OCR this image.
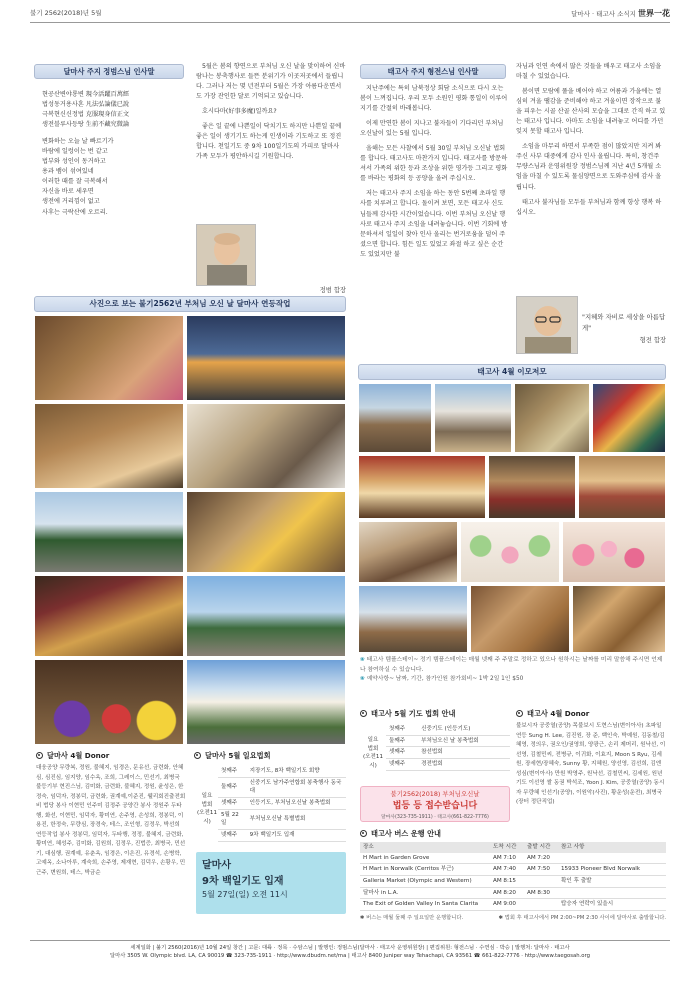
불기 2562(2018)년 5월	달마사 · 태고사 소식지 世界一花
달마사 주지 정범스님 인사말

현공산변야룡변 現今活躍百萬經

법성동거용사혼 凡法弘論儀已說

극복현신신정법 克服現身信正文

생전블루사등탕 生前不藏究微論

변화하는 오늘 날 빠르기가

바람에 일렁이는 번 같고

법부와 성인이 동거하고

용과 뱀이 섞여있네

이러한 때를 잘 극복해서

자신을 바로 세우면

생전에 거리낌이 없고

사후는 극락산에 오르리.

5월은 봄의 향연으로 부처님 오신 날을 맞이하여 신바람나는 봉축행사로 들뜬 분위기가 이곳저곳에서 들립니다. 그러나 저는 몇 년전부터 5월은 가장 아름다운면서도 가장 잔인한 달로 기억되고 있습니다.

호시다마(好事多魔)일까요?

좋은 일 끝에 나쁜일이 닥치기도 하지만 나쁜일 끝에 좋은 일이 생기기도 하는게 인생이라 기도하고 또 정진합니다. 천일기도 중 9차 100일기도의 가피로 달마사 가족 모두가 평안하시길 기원합니다.

정범 합장
사진으로 보는 불기2562년 부처님 오신 날 달마사 연등작업
달마사 4월 Donor
대웅공양 무량복, 정원, 불혜지, 임경은, 문유선, 금련화, 안혜심, 심진심, 임지양, 임수옥, 조희, 그레이스, 민선기, 최병국 불등기부 현진스님, 김미화, 금련화, 불혜지, 정원, 윤성은, 한정숙, 임덕자, 정봉덕, 금련화, 권계예,이준진, 웰리회진출전회비 법당 봉사 이현민 인주미 김정주 공양간 봉사 정원주 두타행, 화선, 이현민, 임덕자, 황미연, 손주영, 손성희, 정봉덕, 이용진, 한정숙, 무량심, 장경숙, 테스, 조인형, 김정우, 박선희 연등작업 봉사 정봉덕, 임덕자, 두타행, 정정, 불혜지, 금련화, 황미연, 혜성주, 김미화, 김원희, 김정우, 진법증, 최병국, 민선기, 대심행, 권계예, 유춘옥, 임경은, 이은진, 유경석, 손병학, 고예옥, 소나아루, 계숙희, 손주영, 제재현, 김덕우, 손황우, 민근주, 변원희, 테스, 박금순
달마사 5월 일요법회
일요
법회
(오전11시)
첫째주	지장기도, 8차 백일기도 회향
둘째주	신중기도 남가주연합회 봉축행사 동국대
셋째주	인등기도, 부처님오신날 봉축법회
5월 22일	부처님오신날 특별법회
넷째주	9차 백일기도 입재
달마사
9차 백일기도 입재
5월 27일(일) 오전 11시
태고사 주지 형전스님 인사말

지난주에는 특히 남북정상 회담 소식으로 다시 오는 봄이 느껴집니다. 우리 모두 소원인 평화 통일이 이루어지기를 간절히 바래봅니다.

이제 만연한 봄이 지나고 불자들이 기다리던 부처님 오신날이 있는 5월 입니다.

올해는 모든 사찰에서 5월 30일 부처님 오신날 법회를 합니다. 태고사도 마찬가지 입니다. 태고사를 방문하셔서 가족의 위한 등과 조상을 위한 영가등 그리고 평화를 바라는 평화의 등 공양을 올려 주십시오.

저는 태고사 주지 소임을 하는 동안 5번째 초파일 행사를 치루려고 합니다. 돌이켜 보면, 모든 태고사 신도님들께 감사한 시간이었습니다. 이번 부처님 오신날 행사로 태고사 주지 소임을 내려놓습니다. 이번 기회에 방문하셔서 일일이 찾아 인사 올리는 번거로움을 덜어 주셨으면 합니다. 힘든 일도 있었고 좌절 하고 싶은 순간도 있었지만 불

자님과 인연 속에서 많은 것들을 배우고 태고사 소임을 마칠 수 있었습니다.

봄이면 모람에 풀을 베어야 하고 여름과 가을에는 열심히 겨울 땔감을 준비해야 하고 겨울이면 장작으로 불을 피우는 시골 산골 산사의 모습을 그대로 간직 하고 있는 태고사 입니다. 아마도 소임을 내려놓고 어디를 가던 잊지 못할 태고사 입니다.

소임을 마무리 하면서 부족한 점이 많았지만 지켜 봐 주신 사부 대중에게 감사 인사 올립니다. 특히, 창건주 무량스님과 운영위원장 정범스님께 지난 4년 5개월 소임을 마칠 수 있도록 물심양면으로 도와주심에 감사 올립니다.

태고사 불자님들 모두들 부처님과 함께 항상 행복 하십시오.

"지혜와 자비로 세상을 아름답게"
형전 합장
태고사 4월 이모저모
❀ 태고사 템플스테이~ 정기 템플스테이는 매월 넷째 주 주말로 정하고 있으나 원하시는 날짜를 미리 말씀해 주시면 언제나 참여하실 수 있습니다.
❀ 예약사항~ 남짜, 기간, 참가인원 참가회비~ 1박 2일 1인 $50
태고사 5월 기도 법회 안내
일요
법회
(오전11시)
첫째주	신중기도 (인등기도)
둘째주	부처님오신 날 봉축법회
셋째주	참선법회
넷째주	경전법회
불기2562(2018) 부처님오신날
법등 등 접수받습니다
달마사(323-735-1911) · 태고사(661-822-7776)
태고사 4월 Donor
불보시자 공중열(공양) 목불보시 도현스님(변이아사) 초파일 연등 Sung H. Lee, 김진원, 장 준, 백인숙, 박예원, 김동철/김혜영, 정의우, 권오인/권영희, 양광근, 손리 제머리, 원낙선, 이선영, 김철민씨, 전병규, 이귀화, 이효지, Moon S Ryu, 김세원, 장세현/장혜숙, Sunny 황, 지혜원, 양선영, 김선희, 김엔성심(변이아사) 만원 박영주, 원낙선, 김철민씨, 김세원, 원년기도 이선영 쌀 동권 박석조, Yoon J. Kim, 공중열(공양) 동시자 무량혜 인선기(공양), 이원악(사진), 황운성(운전), 최병국(장터 정단직업)
태고사 버스 운행 안내
장소	도착 시간	출발 시간	참고 사항
H Mart in Garden Grove	AM 7:10	AM 7:20	
H Mart in Norwalk (Cerritos 부근)	AM 7:40	AM 7:50	15933 Pioneer Blvd Norwalk
Galleria Market (Olympic and Western)	AM 8:15		확인 후 출발
달마사 in L.A.	AM 8:20	AM 8:30	
The Exit of Golden Valley In Santa Clarita	AM 9:00		탑승자 연락이 있을시
✱ 버스는 매월 둘째 주 일요일만 운행합니다.	✱ 법회 후 태고사에서 PM 2:00~PM 2:30 사이에 달마사로 출발합니다.
세계일화 | 불기 2560(2016)년 10월 24일 창간 | 고문: 대륙 · 정목 · 수암스님 | 발행인: 정범스님(달마사 · 태고사 운영위원장) | 편집위원: 형전스님 · 수연심 · 박승 | 발행처: 달마사 · 태고사
달마사 3505 W. Olympic blvd. LA, CA 90019 ☎ 323-735-1911 · http://www.dbudm.net/ma | 태고사 8400 Juniper way Tehachapi, CA 93561 ☎ 661-822-7776 · http://www.taegosah.org
